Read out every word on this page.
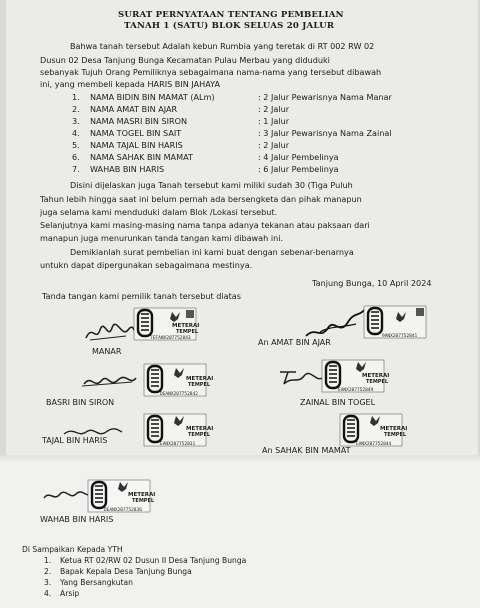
SURAT PERNYATAAN TENTANG PEMBELIAN
TANAH 1 (SATU) BLOK SELUAS 20 JALUR
Bahwa tanah tersebut Adalah kebun Rumbia yang teretak di RT 002 RW 02
Dusun 02 Desa Tanjung Bunga Kecamatan Pulau Merbau yang diduduki
sebanyak Tujuh Orang Pemiliknya sebagaimana nama-nama yang tersebut dibawah
ini, yang membeli kepada HARIS BIN JAHAYA
1. NAMA BIDIN BIN MAMAT (ALm)	: 2 Jalur Pewarisnya Nama Manar
2. NAMA AMAT BIN AJAR	: 2 Jalur
3. NAMA MASRI BIN SIRON	: 1 Jalur
4. NAMA TOGEL BIN SAIT	: 3 Jalur Pewarisnya Nama Zainal
5. NAMA TAJAL BIN HARIS	: 2 Jalur
6. NAMA SAHAK BIN MAMAT	: 4 Jalur Pembelinya
7. WAHAB BIN HARIS	: 6 Jalur Pembelinya
Disini dijelaskan juga Tanah tersebut kami miliki sudah 30 (Tiga Puluh
Tahun lebih hingga saat ini belum pernah ada bersengketa dan pihak manapun
juga selama kami menduduki dalam Blok /Lokasi tersebut.
Selanjutnya kami masing-masing nama tanpa adanya tekanan atau paksaan dari
manapun juga menurunkan tanda tangan kami dibawah ini.
Demikianlah surat pembelian ini kami buat dengan sebenar-benarnya
untukn dapat dipergunakan sebagaimana mestinya.
Tanjung Bunga, 10 April 2024
Tanda tangan kami pemilik tanah tersebut diatas
METERAI
TEMPEL
7EFANX207752843
MANAR
9ANX207752841
An AMAT BIN AJAR
METERAI
TEMPEL
DEANX207752842
BASRI BIN SIRON
METERAI
TEMPEL
EANX207752849
ZAINAL BIN TOGEL
METERAI
TEMPEL
EANX207752831
TAJAL BIN HARIS
METERAI
TEMPEL
EANX207752844
An SAHAK BIN MAMAT
METERAI
TEMPEL
DEANX207752836
WAHAB BIN HARIS
Di Sampaikan Kepada YTH
1. Ketua RT 02/RW 02 Dusun II Desa Tanjung Bunga
2. Bapak Kepala Desa Tanjung Bunga
3. Yang Bersangkutan
4. Arsip
